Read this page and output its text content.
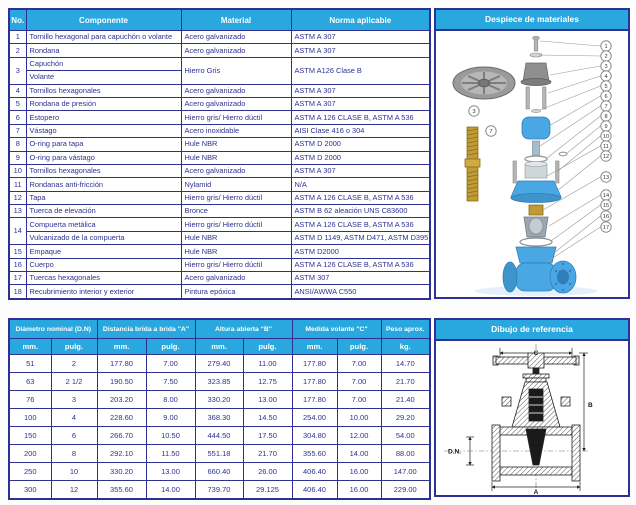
No.	Componente	Material	Norma aplicable
1	Tornillo hexagonal para capuchón o volante	Acero galvanizado	ASTM A 307
2	Rondana	Acero galvanizado	ASTM A 307
3	Capuchón	Hierro Gris	ASTM A126 Clase B
	Volante		
4	Tornillos hexagonales	Acero galvanizado	ASTM A 307
5	Rondana de presión	Acero galvanizado	ASTM A 307
6	Estopero	Hierro gris/ Hierro dúctil	ASTM A 126 CLASE B, ASTM A 536
7	Vástago	Acero inoxidable	AISI Clase 416 o 304
8	O-ring para tapa	Hule NBR	ASTM D 2000
9	O-ring para vástago	Hule NBR	ASTM D 2000
10	Tornillos hexagonales	Acero galvanizado	ASTM A 307
11	Rondanas anti-fricción	Nylamid	N/A
12	Tapa	Hierro gris/ Hierro dúctil	ASTM A 126 CLASE B, ASTM A 536
13	Tuerca de elevación	Bronce	ASTM B 62 aleación UNS C83600
14	Compuerta metálica	Hierro gris/ Hierro dúctil	ASTM A 126 CLASE B, ASTM A 536
	Vulcanizado de la compuerta	Hule NBR	ASTM D 1149, ASTM D471, ASTM D395
15	Empaque	Hule NBR	ASTM D2000
16	Cuerpo	Hierro gris/ Hierro dúctil	ASTM A 126 CLASE B, ASTM A 536
17	Tuercas hexagonales	Acero galvanizado	ASTM 307
18	Recubrimiento interior y exterior	Pintura epóxica	ANSI/AWWA C550
Diámetro nominal (D.N)		Distancia brida a brida "A"		Altura abierta "B"		Medida volante "C"		Peso aprox.
mm.	pulg.	mm.	pulg.	mm.	pulg.	mm.	pulg.	kg.
51	2	177.80	7.00	279.40	11.00	177.80	7.00	14.70
63	2 1/2	190.50	7.50	323.85	12.75	177.80	7.00	21.70
76	3	203.20	8.00	330.20	13.00	177.80	7.00	21.40
100	4	228.60	9.00	368.30	14.50	254.00	10.00	29.20
150	6	266.70	10.50	444.50	17.50	304.80	12.00	54.00
200	8	292.10	11.50	551.18	21.70	355.60	14.00	88.00
250	10	330.20	13.00	660.40	26.00	406.40	16.00	147.00
300	12	355.60	14.00	739.70	29.125	406.40	16.00	229.00
Despiece de materiales
3
7
1
2
3
4
5
6
7
8
9
10
11
12
13
14
15
16
17
Dibujo de referencia
C
B
D.N.
A
